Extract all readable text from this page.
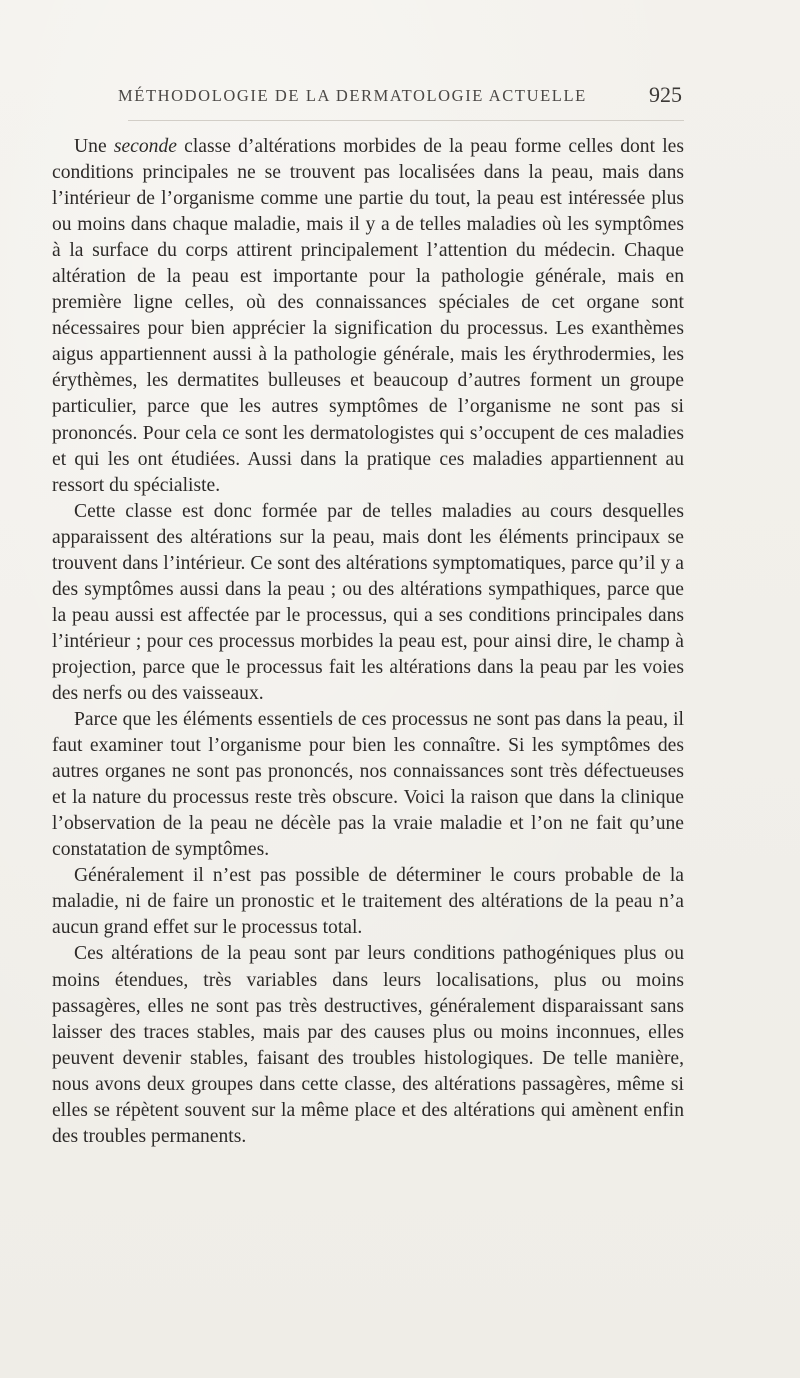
MÉTHODOLOGIE DE LA DERMATOLOGIE ACTUELLE	925

Une seconde classe d’altérations morbides de la peau forme celles dont les conditions principales ne se trouvent pas localisées dans la peau, mais dans l’intérieur de l’organisme comme une partie du tout, la peau est intéressée plus ou moins dans chaque maladie, mais il y a de telles maladies où les symptômes à la surface du corps attirent principalement l’attention du médecin. Chaque altération de la peau est importante pour la pathologie générale, mais en première ligne celles, où des connaissances spéciales de cet organe sont nécessaires pour bien apprécier la signification du processus. Les exanthèmes aigus appartiennent aussi à la pathologie générale, mais les érythrodermies, les érythèmes, les dermatites bulleuses et beaucoup d’autres forment un groupe particulier, parce que les autres symptômes de l’organisme ne sont pas si prononcés. Pour cela ce sont les dermatologistes qui s’occupent de ces maladies et qui les ont étudiées. Aussi dans la pratique ces maladies appartiennent au ressort du spécialiste.

Cette classe est donc formée par de telles maladies au cours desquelles apparaissent des altérations sur la peau, mais dont les éléments principaux se trouvent dans l’intérieur. Ce sont des altérations symptomatiques, parce qu’il y a des symptômes aussi dans la peau ; ou des altérations sympathiques, parce que la peau aussi est affectée par le processus, qui a ses conditions principales dans l’intérieur ; pour ces processus morbides la peau est, pour ainsi dire, le champ à projection, parce que le processus fait les altérations dans la peau par les voies des nerfs ou des vaisseaux.

Parce que les éléments essentiels de ces processus ne sont pas dans la peau, il faut examiner tout l’organisme pour bien les connaître. Si les symptômes des autres organes ne sont pas prononcés, nos connaissances sont très défectueuses et la nature du processus reste très obscure. Voici la raison que dans la clinique l’observation de la peau ne décèle pas la vraie maladie et l’on ne fait qu’une constatation de symptômes.

Généralement il n’est pas possible de déterminer le cours probable de la maladie, ni de faire un pronostic et le traitement des altérations de la peau n’a aucun grand effet sur le processus total.

Ces altérations de la peau sont par leurs conditions pathogéniques plus ou moins étendues, très variables dans leurs localisations, plus ou moins passagères, elles ne sont pas très destructives, généralement disparaissant sans laisser des traces stables, mais par des causes plus ou moins inconnues, elles peuvent devenir stables, faisant des troubles histologiques. De telle manière, nous avons deux groupes dans cette classe, des altérations passagères, même si elles se répètent souvent sur la même place et des altérations qui amènent enfin des troubles permanents.
